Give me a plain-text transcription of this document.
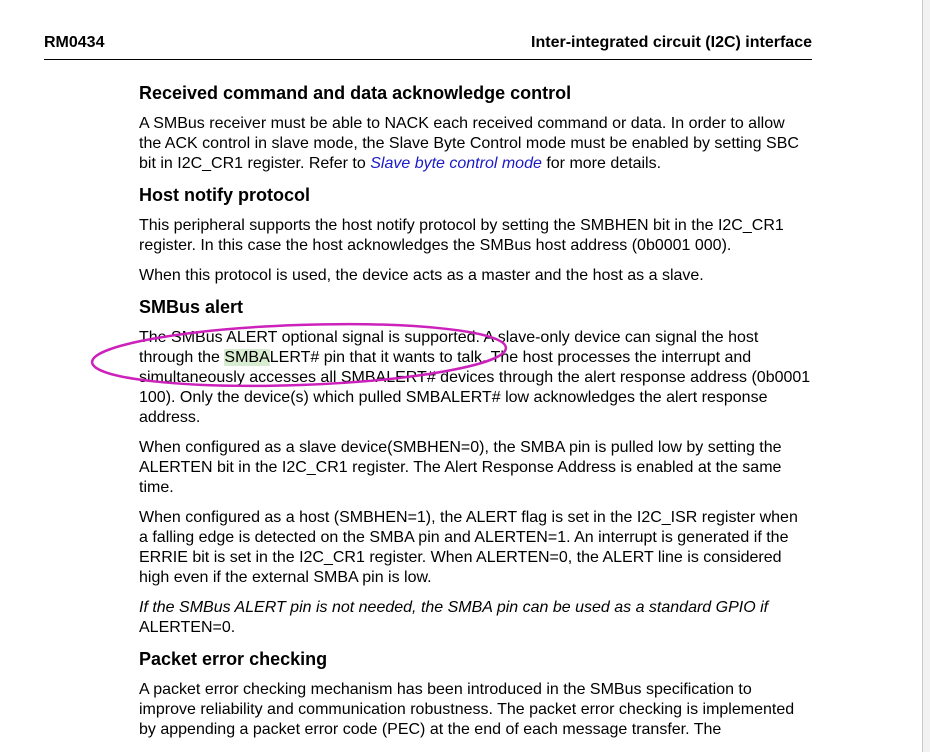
RM0434	Inter-integrated circuit (I2C) interface
Received command and data acknowledge control

A SMBus receiver must be able to NACK each received command or data. In order to allow the ACK control in slave mode, the Slave Byte Control mode must be enabled by setting SBC bit in I2C_CR1 register. Refer to Slave byte control mode for more details.

Host notify protocol

This peripheral supports the host notify protocol by setting the SMBHEN bit in the I2C_CR1 register. In this case the host acknowledges the SMBus host address (0b0001 000).

When this protocol is used, the device acts as a master and the host as a slave.

SMBus alert

The SMBus ALERT optional signal is supported. A slave-only device can signal the host through the SMBALERT# pin that it wants to talk. The host processes the interrupt and simultaneously accesses all SMBALERT# devices through the alert response address (0b0001 100). Only the device(s) which pulled SMBALERT# low acknowledges the alert response address.

When configured as a slave device(SMBHEN=0), the SMBA pin is pulled low by setting the ALERTEN bit in the I2C_CR1 register. The Alert Response Address is enabled at the same time.

When configured as a host (SMBHEN=1), the ALERT flag is set in the I2C_ISR register when a falling edge is detected on the SMBA pin and ALERTEN=1. An interrupt is generated if the ERRIE bit is set in the I2C_CR1 register. When ALERTEN=0, the ALERT line is considered high even if the external SMBA pin is low.

If the SMBus ALERT pin is not needed, the SMBA pin can be used as a standard GPIO if
ALERTEN=0.

Packet error checking

A packet error checking mechanism has been introduced in the SMBus specification to improve reliability and communication robustness. The packet error checking is implemented by appending a packet error code (PEC) at the end of each message transfer. The
